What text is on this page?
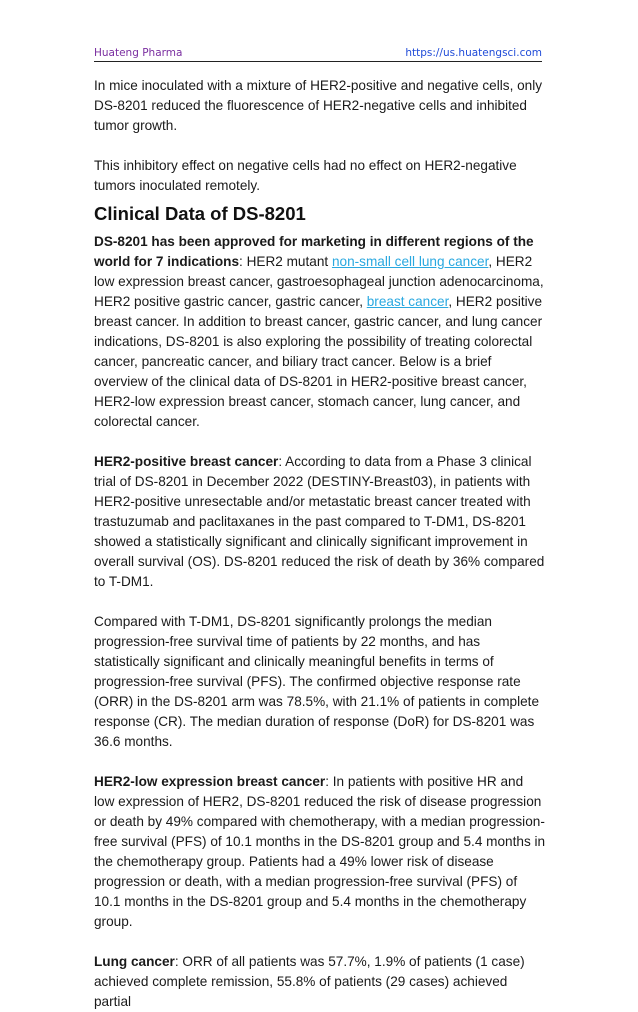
Huateng Pharma	https://us.huatengsci.com

In mice inoculated with a mixture of HER2-positive and negative cells, only DS-8201 reduced the fluorescence of HER2-negative cells and inhibited tumor growth.

This inhibitory effect on negative cells had no effect on HER2-negative tumors inoculated remotely.

Clinical Data of DS-8201

DS-8201 has been approved for marketing in different regions of the world for 7 indications: HER2 mutant non-small cell lung cancer, HER2 low expression breast cancer, gastroesophageal junction adenocarcinoma, HER2 positive gastric cancer, gastric cancer, breast cancer, HER2 positive breast cancer. In addition to breast cancer, gastric cancer, and lung cancer indications, DS-8201 is also exploring the possibility of treating colorectal cancer, pancreatic cancer, and biliary tract cancer. Below is a brief overview of the clinical data of DS-8201 in HER2-positive breast cancer, HER2-low expression breast cancer, stomach cancer, lung cancer, and colorectal cancer.

HER2-positive breast cancer: According to data from a Phase 3 clinical trial of DS-8201 in December 2022 (DESTINY-Breast03), in patients with HER2-positive unresectable and/or metastatic breast cancer treated with trastuzumab and paclitaxanes in the past compared to T-DM1, DS-8201 showed a statistically significant and clinically significant improvement in overall survival (OS). DS-8201 reduced the risk of death by 36% compared to T-DM1.

Compared with T-DM1, DS-8201 significantly prolongs the median progression-free survival time of patients by 22 months, and has statistically significant and clinically meaningful benefits in terms of progression-free survival (PFS). The confirmed objective response rate (ORR) in the DS-8201 arm was 78.5%, with 21.1% of patients in complete response (CR). The median duration of response (DoR) for DS-8201 was 36.6 months.

HER2-low expression breast cancer: In patients with positive HR and low expression of HER2, DS-8201 reduced the risk of disease progression or death by 49% compared with chemotherapy, with a median progression-free survival (PFS) of 10.1 months in the DS-8201 group and 5.4 months in the chemotherapy group. Patients had a 49% lower risk of disease progression or death, with a median progression-free survival (PFS) of 10.1 months in the DS-8201 group and 5.4 months in the chemotherapy group.

Lung cancer: ORR of all patients was 57.7%, 1.9% of patients (1 case) achieved complete remission, 55.8% of patients (29 cases) achieved partial
